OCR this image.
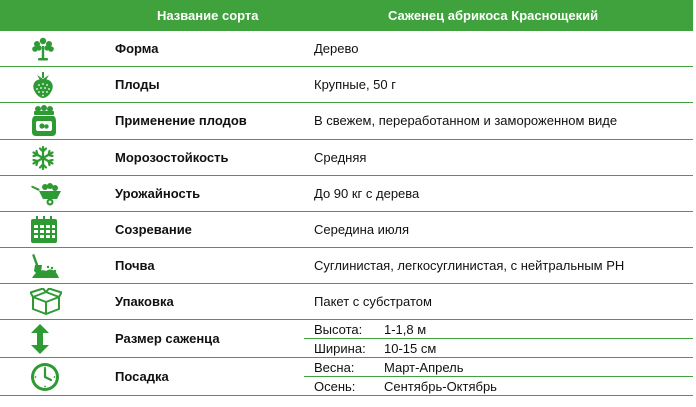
	Название сорта	Саженец абрикоса Краснощекий

	Форма	Дерево

	Плоды	Крупные, 50 г

	Применение плодов	В свежем, переработанном и замороженном виде

	Морозостойкость	Средняя

	Урожайность	До 90 кг с дерева

	Созревание	Середина июля

	Почва	Суглинистая, легкосуглинистая, с нейтральным PH

	Упаковка	Пакет с субстратом

	Размер саженца	Высота: 1-1,8 м
		Ширина: 10-15 см

	Посадка	Весна: Март-Апрель
		Осень: Сентябрь-Октябрь
